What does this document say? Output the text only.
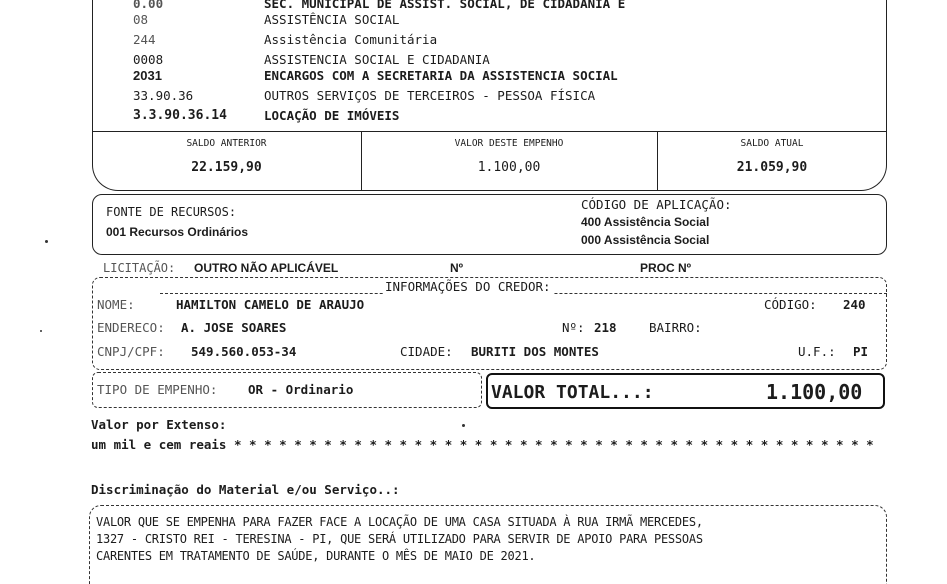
0.00	SEC. MUNICIPAL DE ASSIST. SOCIAL, DE CIDADANIA E
08	ASSISTÊNCIA SOCIAL
244	Assistência Comunitária
0008	ASSISTENCIA SOCIAL E CIDADANIA
2031	ENCARGOS COM A SECRETARIA DA ASSISTENCIA SOCIAL
33.90.36	OUTROS SERVIÇOS DE TERCEIROS - PESSOA FÍSICA
3.3.90.36.14	LOCAÇÃO DE IMÓVEIS
SALDO ANTERIOR
22.159,90
VALOR DESTE EMPENHO
1.100,00
SALDO ATUAL
21.059,90
FONTE DE RECURSOS:
001 Recursos Ordinários
CÓDIGO DE APLICAÇÃO:
400 Assistência Social
000 Assistência Social
LICITAÇÃO: OUTRO NÃO APLICÁVEL	Nº	PROC Nº
INFORMAÇÕES DO CREDOR:
NOME:	HAMILTON CAMELO DE ARAUJO	CÓDIGO: 240
ENDERECO: A. JOSE SOARES	Nº: 218	BAIRRO:
CNPJ/CPF: 549.560.053-34	CIDADE: BURITI DOS MONTES	U.F.: PI
TIPO DE EMPENHO: OR - Ordinario	VALOR TOTAL...:	1.100,00
Valor por Extenso:
um mil e cem reais * * * * * * * * * * * * * * * * * * * * * * * * * * * * * * * * * * * * * * * * * * *
Discriminação do Material e/ou Serviço..:
VALOR QUE SE EMPENHA PARA FAZER FACE A LOCAÇÃO DE UMA CASA SITUADA À RUA IRMÃ MERCEDES,
1327 - CRISTO REI - TERESINA - PI, QUE SERÁ UTILIZADO PARA SERVIR DE APOIO PARA PESSOAS
CARENTES EM TRATAMENTO DE SAÚDE, DURANTE O MÊS DE MAIO DE 2021.
